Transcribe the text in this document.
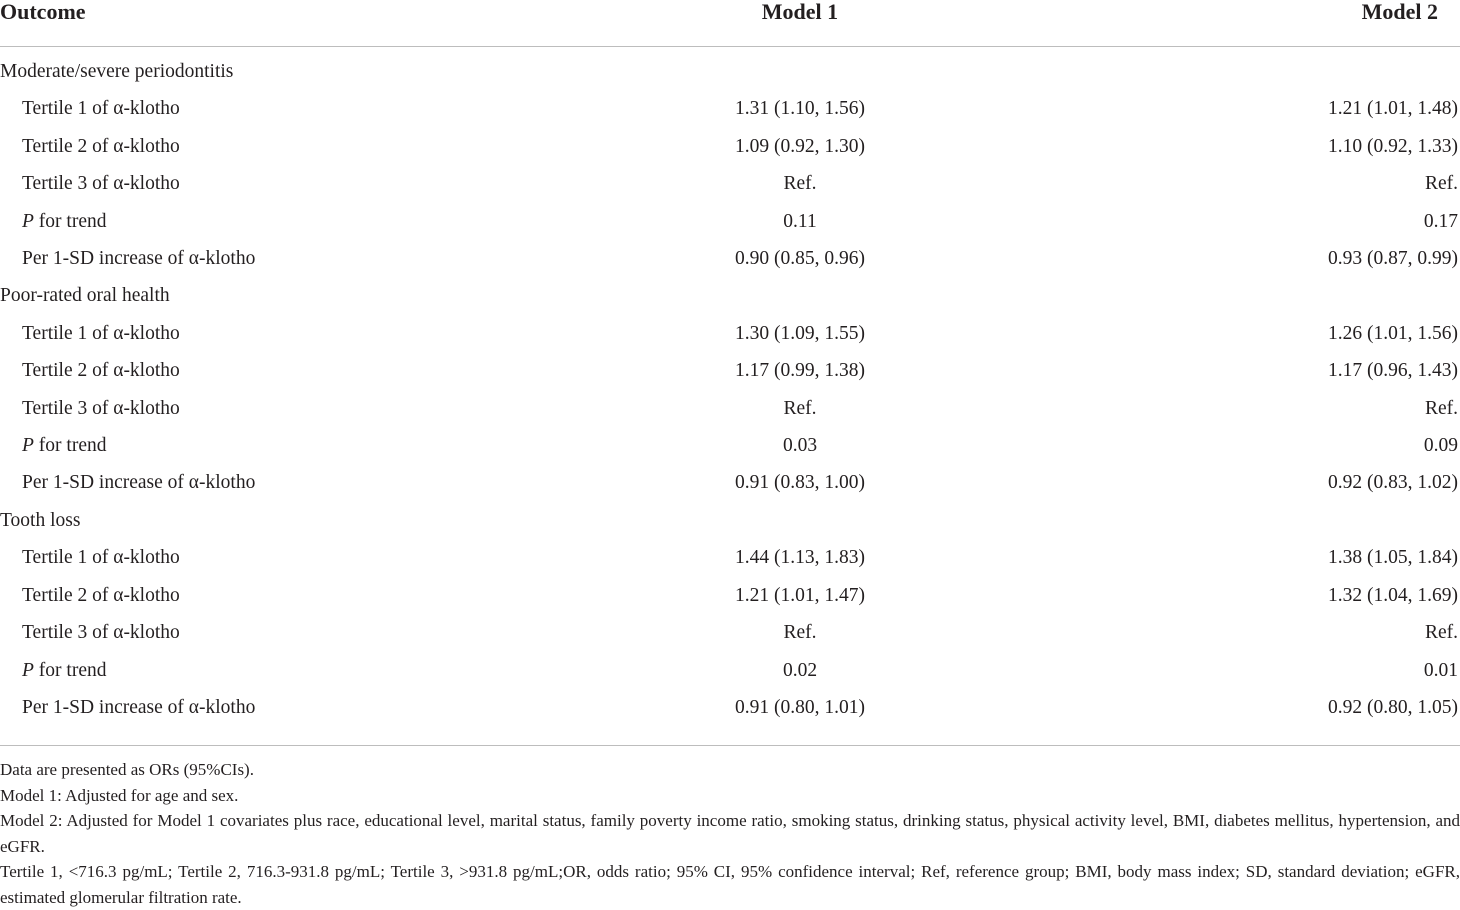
Outcome	Model 1	Model 2
Moderate/severe periodontitis		
Tertile 1 of α-klotho	1.31 (1.10, 1.56)	1.21 (1.01, 1.48)
Tertile 2 of α-klotho	1.09 (0.92, 1.30)	1.10 (0.92, 1.33)
Tertile 3 of α-klotho	Ref.	Ref.
P for trend	0.11	0.17
Per 1-SD increase of α-klotho	0.90 (0.85, 0.96)	0.93 (0.87, 0.99)
Poor-rated oral health		
Tertile 1 of α-klotho	1.30 (1.09, 1.55)	1.26 (1.01, 1.56)
Tertile 2 of α-klotho	1.17 (0.99, 1.38)	1.17 (0.96, 1.43)
Tertile 3 of α-klotho	Ref.	Ref.
P for trend	0.03	0.09
Per 1-SD increase of α-klotho	0.91 (0.83, 1.00)	0.92 (0.83, 1.02)
Tooth loss		
Tertile 1 of α-klotho	1.44 (1.13, 1.83)	1.38 (1.05, 1.84)
Tertile 2 of α-klotho	1.21 (1.01, 1.47)	1.32 (1.04, 1.69)
Tertile 3 of α-klotho	Ref.	Ref.
P for trend	0.02	0.01
Per 1-SD increase of α-klotho	0.91 (0.80, 1.01)	0.92 (0.80, 1.05)

Data are presented as ORs (95%CIs).

Model 1: Adjusted for age and sex.

Model 2: Adjusted for Model 1 covariates plus race, educational level, marital status, family poverty income ratio, smoking status, drinking status, physical activity level, BMI, diabetes mellitus, hypertension, and eGFR.

Tertile 1, <716.3 pg/mL; Tertile 2, 716.3-931.8 pg/mL; Tertile 3, >931.8 pg/mL;OR, odds ratio; 95% CI, 95% confidence interval; Ref, reference group; BMI, body mass index; SD, standard deviation; eGFR, estimated glomerular filtration rate.
